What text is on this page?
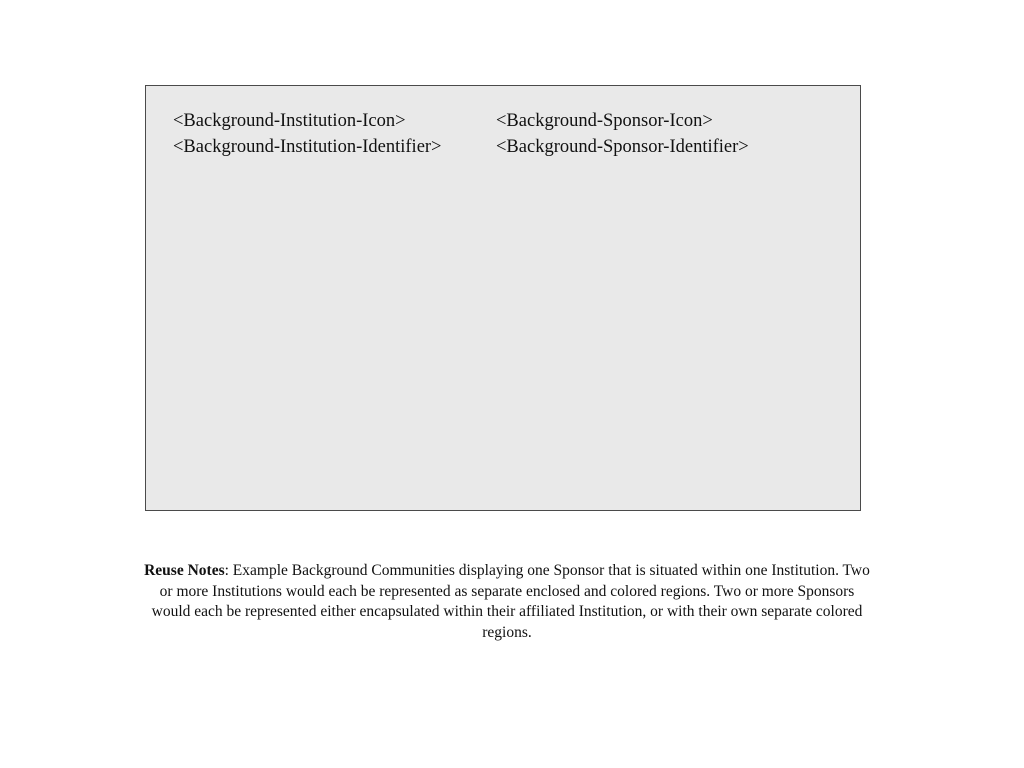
<Background-Institution-Icon>
<Background-Institution-Identifier>
<Background-Sponsor-Icon>
<Background-Sponsor-Identifier>
Reuse Notes: Example Background Communities displaying one Sponsor that is situated within one Institution. Two or more Institutions would each be represented as separate enclosed and colored regions. Two or more Sponsors would each be represented either encapsulated within their affiliated Institution, or with their own separate colored regions.
